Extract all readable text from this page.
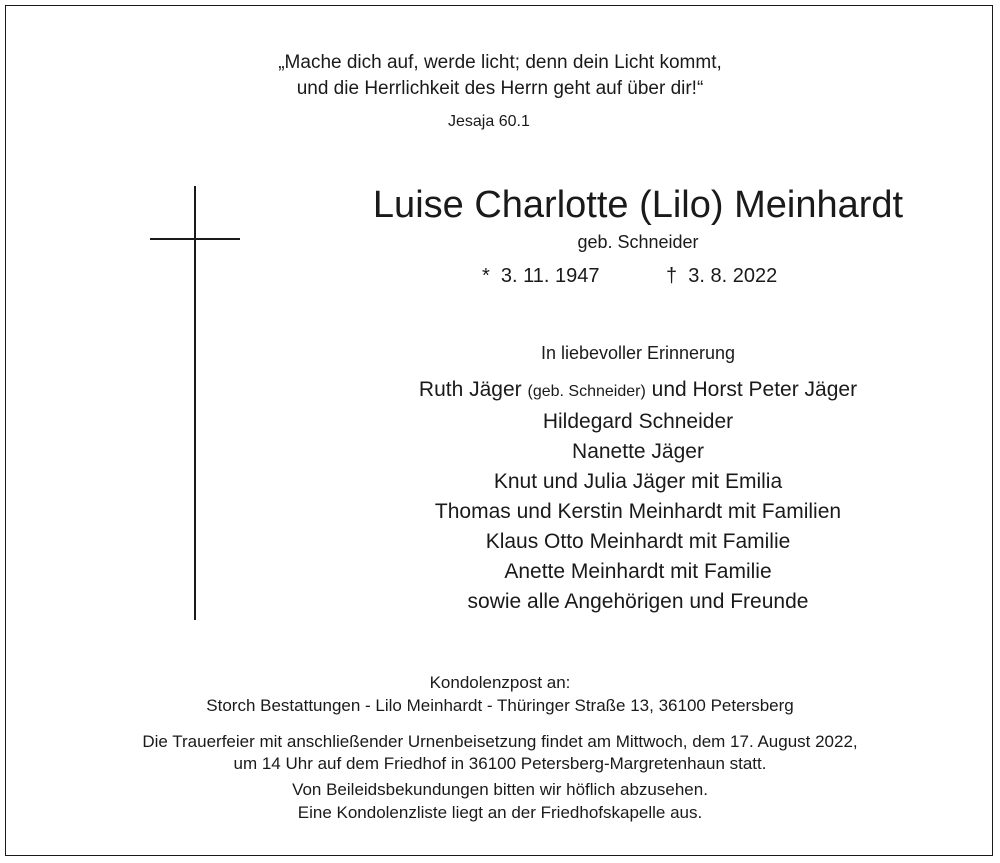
„Mache dich auf, werde licht; denn dein Licht kommt,
und die Herrlichkeit des Herrn geht auf über dir!“
Jesaja 60.1
Luise Charlotte (Lilo) Meinhardt
geb. Schneider
* 3. 11. 1947	† 3. 8. 2022
In liebevoller Erinnerung
Ruth Jäger (geb. Schneider) und Horst Peter Jäger
Hildegard Schneider
Nanette Jäger
Knut und Julia Jäger mit Emilia
Thomas und Kerstin Meinhardt mit Familien
Klaus Otto Meinhardt mit Familie
Anette Meinhardt mit Familie
sowie alle Angehörigen und Freunde
Kondolenzpost an:
Storch Bestattungen - Lilo Meinhardt - Thüringer Straße 13, 36100 Petersberg
Die Trauerfeier mit anschließender Urnenbeisetzung findet am Mittwoch, dem 17. August 2022,
um 14 Uhr auf dem Friedhof in 36100 Petersberg-Margretenhaun statt.
Von Beileidsbekundungen bitten wir höflich abzusehen.
Eine Kondolenzliste liegt an der Friedhofskapelle aus.
